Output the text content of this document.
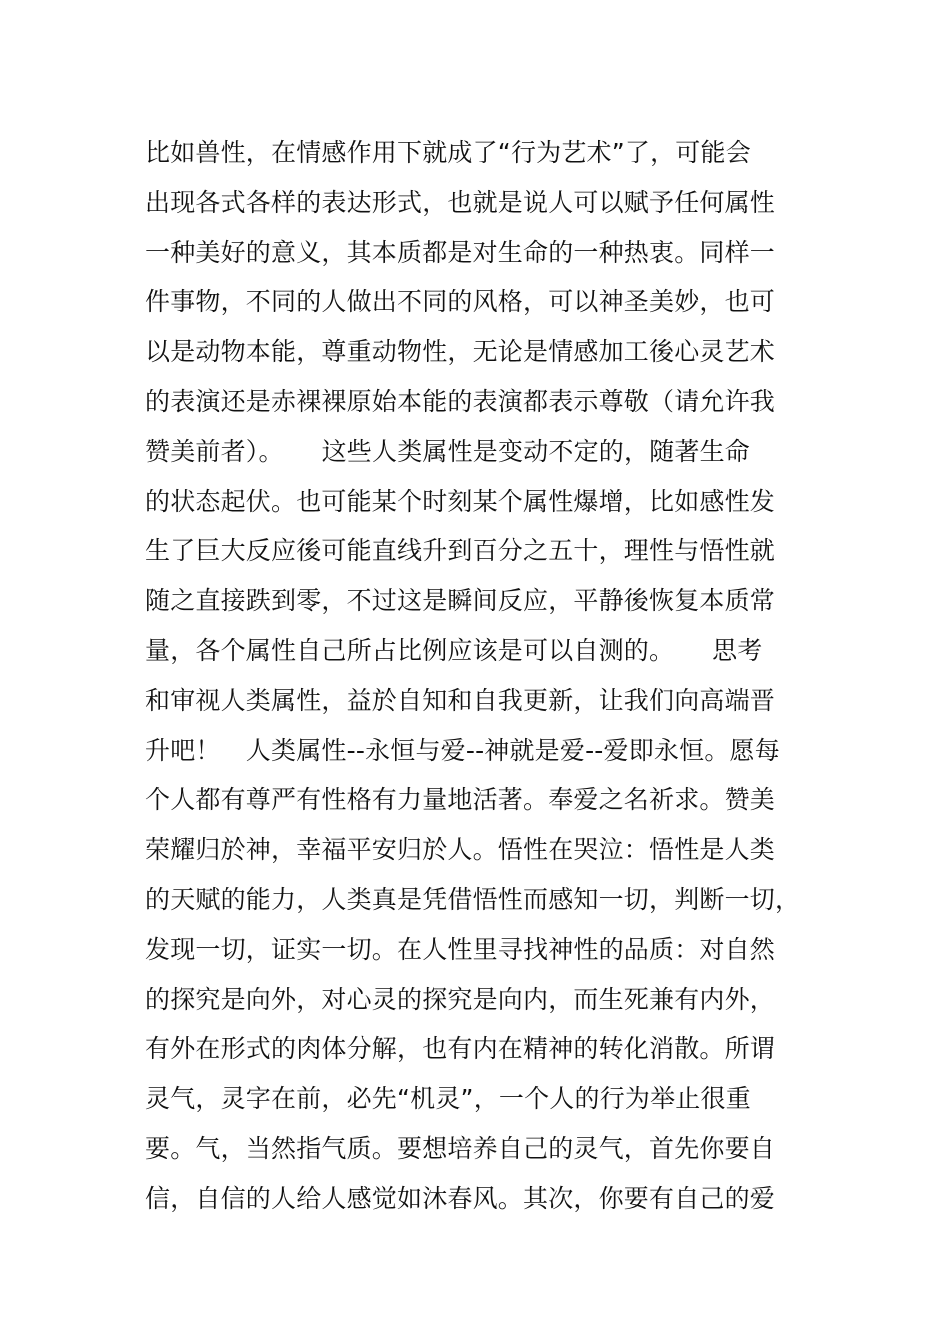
比如兽性，在情感作用下就成了“行为艺术”了，可能会
出现各式各样的表达形式，也就是说人可以赋予任何属性
一种美好的意义，其本质都是对生命的一种热衷。同样一
件事物，不同的人做出不同的风格，可以神圣美妙，也可
以是动物本能，尊重动物性，无论是情感加工後心灵艺术
的表演还是赤裸裸原始本能的表演都表示尊敬（请允许我
赞美前者）。　　这些人类属性是变动不定的，随著生命
的状态起伏。也可能某个时刻某个属性爆增，比如感性发
生了巨大反应後可能直线升到百分之五十，理性与悟性就
随之直接跌到零，不过这是瞬间反应，平静後恢复本质常
量，各个属性自己所占比例应该是可以自测的。　　思考
和审视人类属性，益於自知和自我更新，让我们向高端晋
升吧！　人类属性--永恒与爱--神就是爱--爱即永恒。愿每
个人都有尊严有性格有力量地活著。奉爱之名祈求。赞美
荣耀归於神，幸福平安归於人。悟性在哭泣：悟性是人类
的天赋的能力，人类真是凭借悟性而感知一切，判断一切，
发现一切，证实一切。在人性里寻找神性的品质：对自然
的探究是向外，对心灵的探究是向内，而生死兼有内外，
有外在形式的肉体分解，也有内在精神的转化消散。所谓
灵气，灵字在前，必先“机灵”，一个人的行为举止很重
要。气，当然指气质。要想培养自己的灵气，首先你要自
信，自信的人给人感觉如沐春风。其次，你要有自己的爱
